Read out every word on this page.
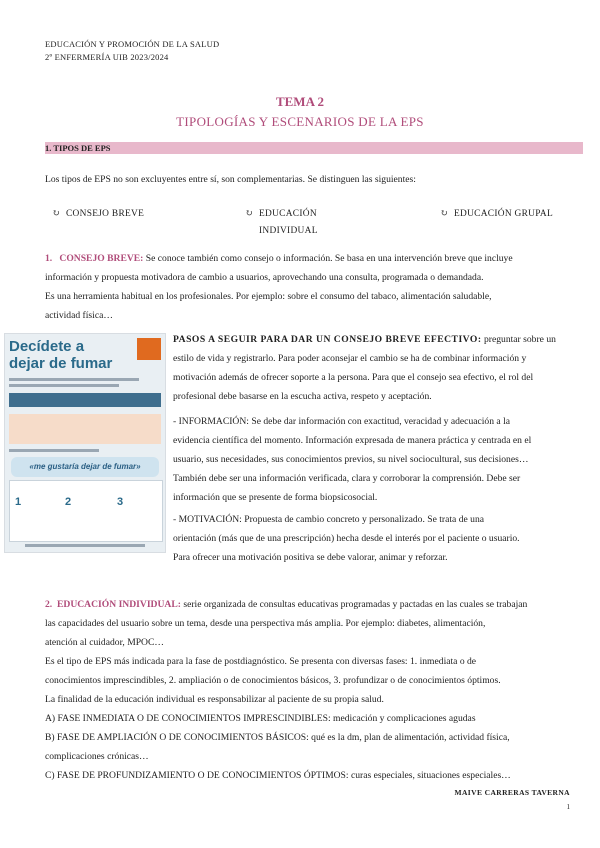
EDUCACIÓN Y PROMOCIÓN DE LA SALUD
2º ENFERMERÍA UIB 2023/2024
TEMA 2
TIPOLOGÍAS Y ESCENARIOS DE LA EPS
1. TIPOS DE EPS
Los tipos de EPS no son excluyentes entre sí, son complementarias. Se distinguen las siguientes:
↻ CONSEJO BREVE	↻ EDUCACIÓN
INDIVIDUAL
↻ EDUCACIÓN GRUPAL
1. CONSEJO BREVE: Se conoce también como consejo o información. Se basa en una intervención breve que incluye
información y propuesta motivadora de cambio a usuarios, aprovechando una consulta, programada o demandada.
Es una herramienta habitual en los profesionales. Por ejemplo: sobre el consumo del tabaco, alimentación saludable,
actividad física…
Decídete a
dejar de fumar
«me gustaría dejar de fumar»
1	2	3
PASOS A SEGUIR PARA DAR UN CONSEJO BREVE EFECTIVO: preguntar sobre un
estilo de vida y registrarlo. Para poder aconsejar el cambio se ha de combinar información y
motivación además de ofrecer soporte a la persona. Para que el consejo sea efectivo, el rol del
profesional debe basarse en la escucha activa, respeto y aceptación.
- INFORMACIÓN: Se debe dar información con exactitud, veracidad y adecuación a la
evidencia científica del momento. Información expresada de manera práctica y centrada en el
usuario, sus necesidades, sus conocimientos previos, su nivel sociocultural, sus decisiones…
También debe ser una información verificada, clara y corroborar la comprensión. Debe ser
información que se presente de forma biopsicosocial.
- MOTIVACIÓN: Propuesta de cambio concreto y personalizado. Se trata de una
orientación (más que de una prescripción) hecha desde el interés por el paciente o usuario.
Para ofrecer una motivación positiva se debe valorar, animar y reforzar.
2. EDUCACIÓN INDIVIDUAL: serie organizada de consultas educativas programadas y pactadas en las cuales se trabajan
las capacidades del usuario sobre un tema, desde una perspectiva más amplia. Por ejemplo: diabetes, alimentación,
atención al cuidador, MPOC…
Es el tipo de EPS más indicada para la fase de postdiagnóstico. Se presenta con diversas fases: 1. inmediata o de
conocimientos imprescindibles, 2. ampliación o de conocimientos básicos, 3. profundizar o de conocimientos óptimos.
La finalidad de la educación individual es responsabilizar al paciente de su propia salud.
A) FASE INMEDIATA O DE CONOCIMIENTOS IMPRESCINDIBLES: medicación y complicaciones agudas
B) FASE DE AMPLIACIÓN O DE CONOCIMIENTOS BÁSICOS: qué es la dm, plan de alimentación, actividad física,
complicaciones crónicas…
C) FASE DE PROFUNDIZAMIENTO O DE CONOCIMIENTOS ÓPTIMOS: curas especiales, situaciones especiales…
MAIVE CARRERAS TAVERNA
1
